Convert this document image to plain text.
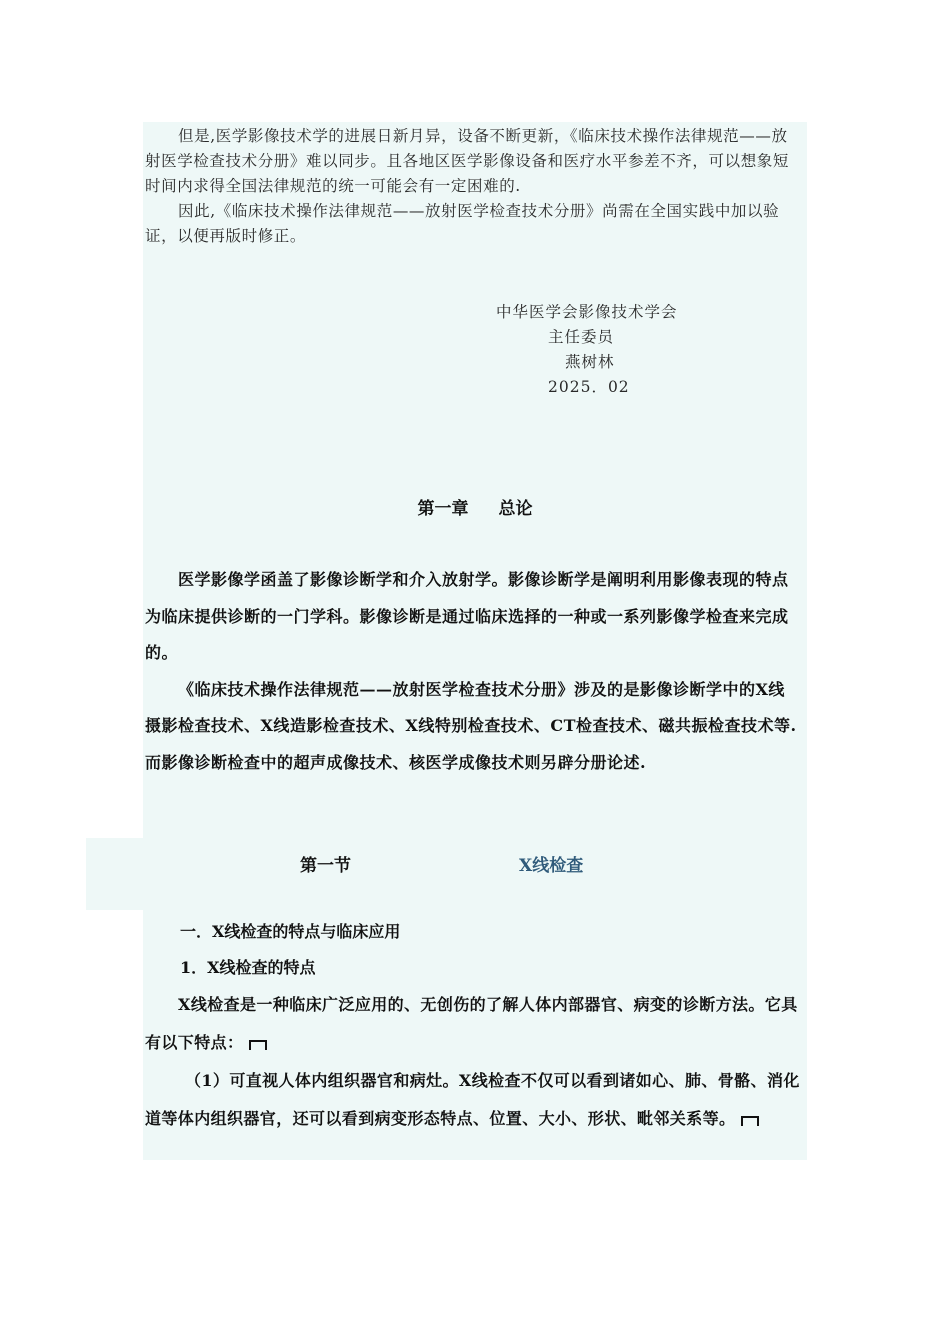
但是,医学影像技术学的进展日新月异，设备不断更新，《临床技术操作法律规范——放射医学检查技术分册》难以同步。且各地区医学影像设备和医疗水平参差不齐，可以想象短时间内求得全国法律规范的统一可能会有一定困难的.

因此,《临床技术操作法律规范——放射医学检查技术分册》尚需在全国实践中加以验证，以便再版时修正。

中华医学会影像技术学会
主任委员
燕树林
2025．02
第一章 总论

医学影像学函盖了影像诊断学和介入放射学。影像诊断学是阐明利用影像表现的特点为临床提供诊断的一门学科。影像诊断是通过临床选择的一种或一系列影像学检查来完成的。

《临床技术操作法律规范——放射医学检查技术分册》涉及的是影像诊断学中的X线摄影检查技术、X线造影检查技术、X线特别检查技术、CT检查技术、磁共振检查技术等.而影像诊断检查中的超声成像技术、核医学成像技术则另辟分册论述.

第一节	X线检查
一．X线检查的特点与临床应用
1．X线检查的特点

X线检查是一种临床广泛应用的、无创伤的了解人体内部器官、病变的诊断方法。它具有以下特点：

（1）可直视人体内组织器官和病灶。X线检查不仅可以看到诸如心、肺、骨骼、消化道等体内组织器官，还可以看到病变形态特点、位置、大小、形状、毗邻关系等。
